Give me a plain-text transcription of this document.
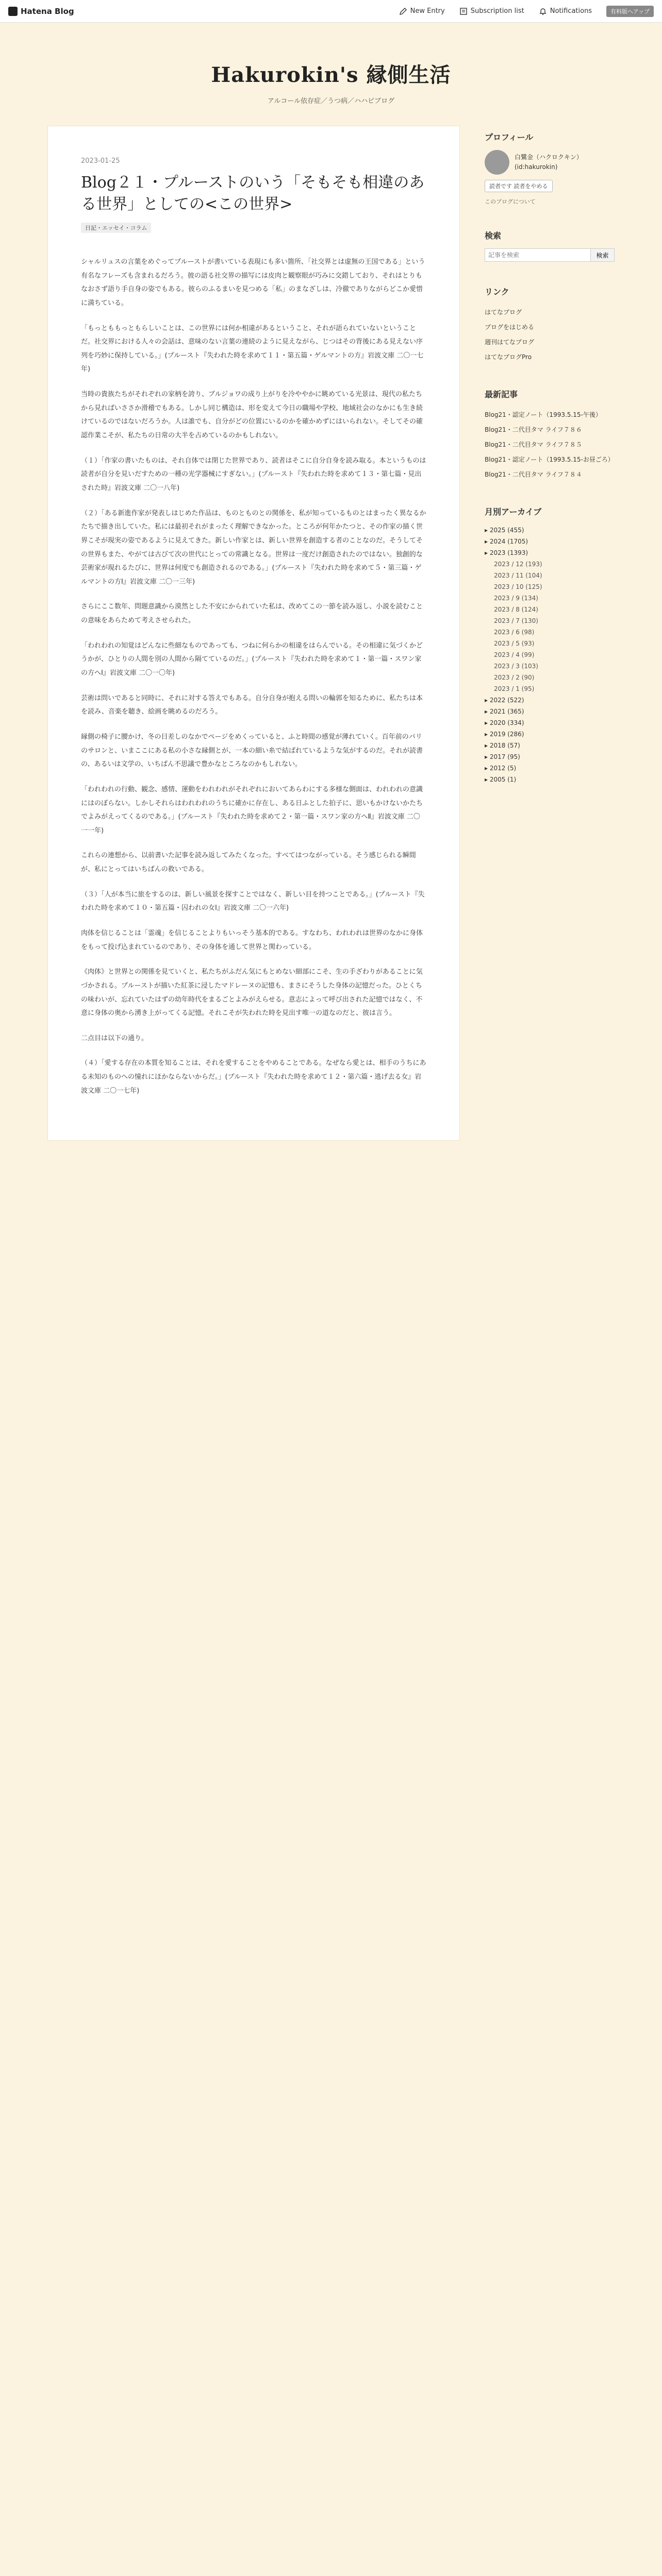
Hatena Blog	New Entry	Subscription list	Notifications	有料版へアップ
Hakurokin's 縁側生活

アルコール依存症／うつ病／ハハビブログ

2023-01-25
Blog２１・プルーストのいう「そもそも相違のある世界」としての<この世界>
日記・エッセイ・コラム

シャルリュスの言葉をめぐってプルーストが書いている表現にも多い箇所、「社交界とは虚無の王国である」という有名なフレーズも含まれるだろう。彼の語る社交界の描写には皮肉と観察眼が巧みに交錯しており、それはとりもなおさず語り手自身の姿でもある。彼らのふるまいを見つめる「私」のまなざしは、冷徹でありながらどこか愛惜に満ちている。

「もっとももっともらしいことは、この世界には何か相違があるということ、それが語られていないということだ。社交界における人々の会話は、意味のない言葉の連続のように見えながら、じつはその背後にある見えない序列を巧妙に保持している。」(プルースト『失われた時を求めて１１・第五篇・ゲルマントの方』岩波文庫 二〇一七年)

当時の貴族たちがそれぞれの家柄を誇り、ブルジョワの成り上がりを冷ややかに眺めている光景は、現代の私たちから見ればいささか滑稽でもある。しかし同じ構造は、形を変えて今日の職場や学校、地域社会のなかにも生き続けているのではないだろうか。人は誰でも、自分がどの位置にいるのかを確かめずにはいられない。そしてその確認作業こそが、私たちの日常の大半を占めているのかもしれない。

（１）「作家の書いたものは、それ自体では閉じた世界であり、読者はそこに自分自身を読み取る。本というものは読者が自分を見いだすための一種の光学器械にすぎない。」(プルースト『失われた時を求めて１３・第七篇・見出された時』岩波文庫 二〇一八年)

（２）「ある新進作家が発表しはじめた作品は、ものとものとの関係を、私が知っているものとはまったく異なるかたちで描き出していた。私には最初それがまったく理解できなかった。ところが何年かたつと、その作家の描く世界こそが現実の姿であるように見えてきた。新しい作家とは、新しい世界を創造する者のことなのだ。そうしてその世界もまた、やがては古びて次の世代にとっての常識となる。世界は一度だけ創造されたのではない。独創的な芸術家が現れるたびに、世界は何度でも創造されるのである。」(プルースト『失われた時を求めて５・第三篇・ゲルマントの方Ⅰ』岩波文庫 二〇一三年)

さらにここ数年、問題意識から漠然とした不安にかられていた私は、改めてこの一節を読み返し、小説を読むことの意味をあらためて考えさせられた。

「われわれの知覚はどんなに些細なものであっても、つねに何らかの相違をはらんでいる。その相違に気づくかどうかが、ひとりの人間を別の人間から隔てているのだ。」(プルースト『失われた時を求めて１・第一篇・スワン家の方へⅠ』岩波文庫 二〇一〇年)

芸術は問いであると同時に、それに対する答えでもある。自分自身が抱える問いの輪郭を知るために、私たちは本を読み、音楽を聴き、絵画を眺めるのだろう。

縁側の椅子に腰かけ、冬の日差しのなかでページをめくっていると、ふと時間の感覚が薄れていく。百年前のパリのサロンと、いまここにある私の小さな縁側とが、一本の細い糸で結ばれているような気がするのだ。それが読書の、あるいは文学の、いちばん不思議で豊かなところなのかもしれない。

「われわれの行動、観念、感情、運動をわれわれがそれぞれにおいてあらわにする多様な側面は、われわれの意識にはのぼらない。しかしそれらはわれわれのうちに確かに存在し、ある日ふとした拍子に、思いもかけないかたちでよみがえってくるのである。」(プルースト『失われた時を求めて２・第一篇・スワン家の方へⅡ』岩波文庫 二〇一一年)

これらの連想から、以前書いた記事を読み返してみたくなった。すべてはつながっている。そう感じられる瞬間が、私にとってはいちばんの救いである。

（３）「人が本当に旅をするのは、新しい風景を探すことではなく、新しい目を持つことである。」(プルースト『失われた時を求めて１０・第五篇・囚われの女Ⅰ』岩波文庫 二〇一六年)

肉体を信じることは「霊魂」を信じることよりもいっそう基本的である。すなわち、われわれは世界のなかに身体をもって投げ込まれているのであり、その身体を通して世界と関わっている。

《肉体》と世界との関係を見ていくと、私たちがふだん気にもとめない細部にこそ、生の手ざわりがあることに気づかされる。プルーストが描いた紅茶に浸したマドレーヌの記憶も、まさにそうした身体の記憶だった。ひとくちの味わいが、忘れていたはずの幼年時代をまるごとよみがえらせる。意志によって呼び出された記憶ではなく、不意に身体の奥から湧き上がってくる記憶。それこそが失われた時を見出す唯一の道なのだと、彼は言う。

二点目は以下の通り。

（４）「愛する存在の本質を知ることは、それを愛することをやめることである。なぜなら愛とは、相手のうちにある未知のものへの憧れにほかならないからだ。」(プルースト『失われた時を求めて１２・第六篇・逃げ去る女』岩波文庫 二〇一七年)

プロフィール
白鷺金（ハクロクキン）
(id:hakurokin)
読者です 読者をやめる
このブログについて
検索
記事を検索
検索
リンク
はてなブログ
ブログをはじめる
週刊はてなブログ
はてなブログPro
最新記事
Blog21・認定ノート（1993.5.15-午後）
Blog21・二代目タマ ライフ７８６
Blog21・二代目タマ ライフ７８５
Blog21・認定ノート（1993.5.15-お昼ごろ）
Blog21・二代目タマ ライフ７８４
月別アーカイブ
▸ 2025 (455)
▸ 2024 (1705)
▸ 2023 (1393)
2023 / 12 (193)
2023 / 11 (104)
2023 / 10 (125)
2023 / 9 (134)
2023 / 8 (124)
2023 / 7 (130)
2023 / 6 (98)
2023 / 5 (93)
2023 / 4 (99)
2023 / 3 (103)
2023 / 2 (90)
2023 / 1 (95)
▸ 2022 (522)
▸ 2021 (365)
▸ 2020 (334)
▸ 2019 (286)
▸ 2018 (57)
▸ 2017 (95)
▸ 2012 (5)
▸ 2005 (1)
